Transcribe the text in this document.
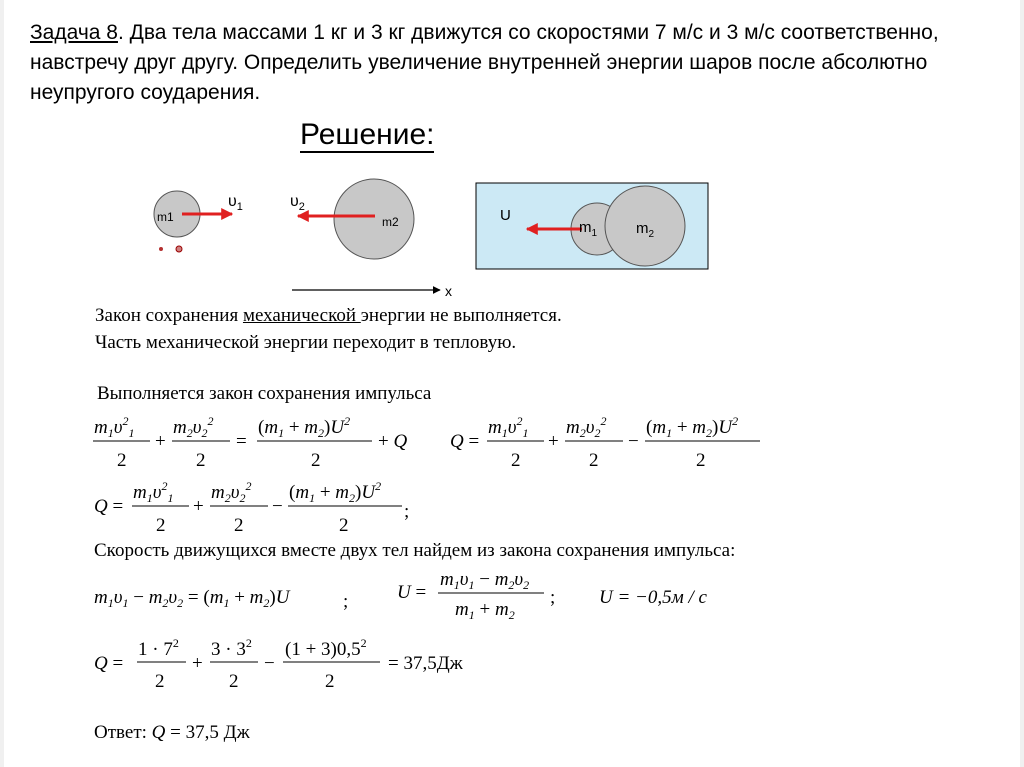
Задача 8. Два тела массами 1 кг и 3 кг движутся со скоростями 7 м/с и 3 м/с соответственно, навстречу друг другу. Определить увеличение внутренней энергии шаров после абсолютно неупругого соударения.
Решение:
m1
$\upsilon_1$
m2
$\upsilon_2$
x
U
$m_1$	$m_2$
$m_1\upsilon^2_1$
2
+
$m_2\upsilon_2^2$
2
=
$(m_1 + m_2)U^2$
2
+ Q Q =
$m_1\upsilon^2_1$
2
+
$m_2\upsilon_2^2$
2
−
$(m_1 + m_2)U^2$
2
Q =
$m_1\upsilon^2_1$
2
+
$m_2\upsilon_2^2$
2
−
$(m_1 + m_2)U^2$
2
;
$m_1\upsilon_1 - m_2\upsilon_2 = (m_1 + m_2)U$	;	U =
$m_1\upsilon_1 - m_2\upsilon_2$
$m_1 + m_2$
; U = −0,5м / с
Q =
$1 \cdot 7^2$
2
+
$3 \cdot 3^2$
2
−
$(1 + 3)0,5^2$
2
= 37,5Дж
Закон сохранения механической энергии не выполняется.
Часть механической энергии переходит в тепловую.
Выполняется закон сохранения импульса
Скорость движущихся вместе двух тел найдем из закона сохранения импульса:
Ответ: Q = 37,5 Дж
